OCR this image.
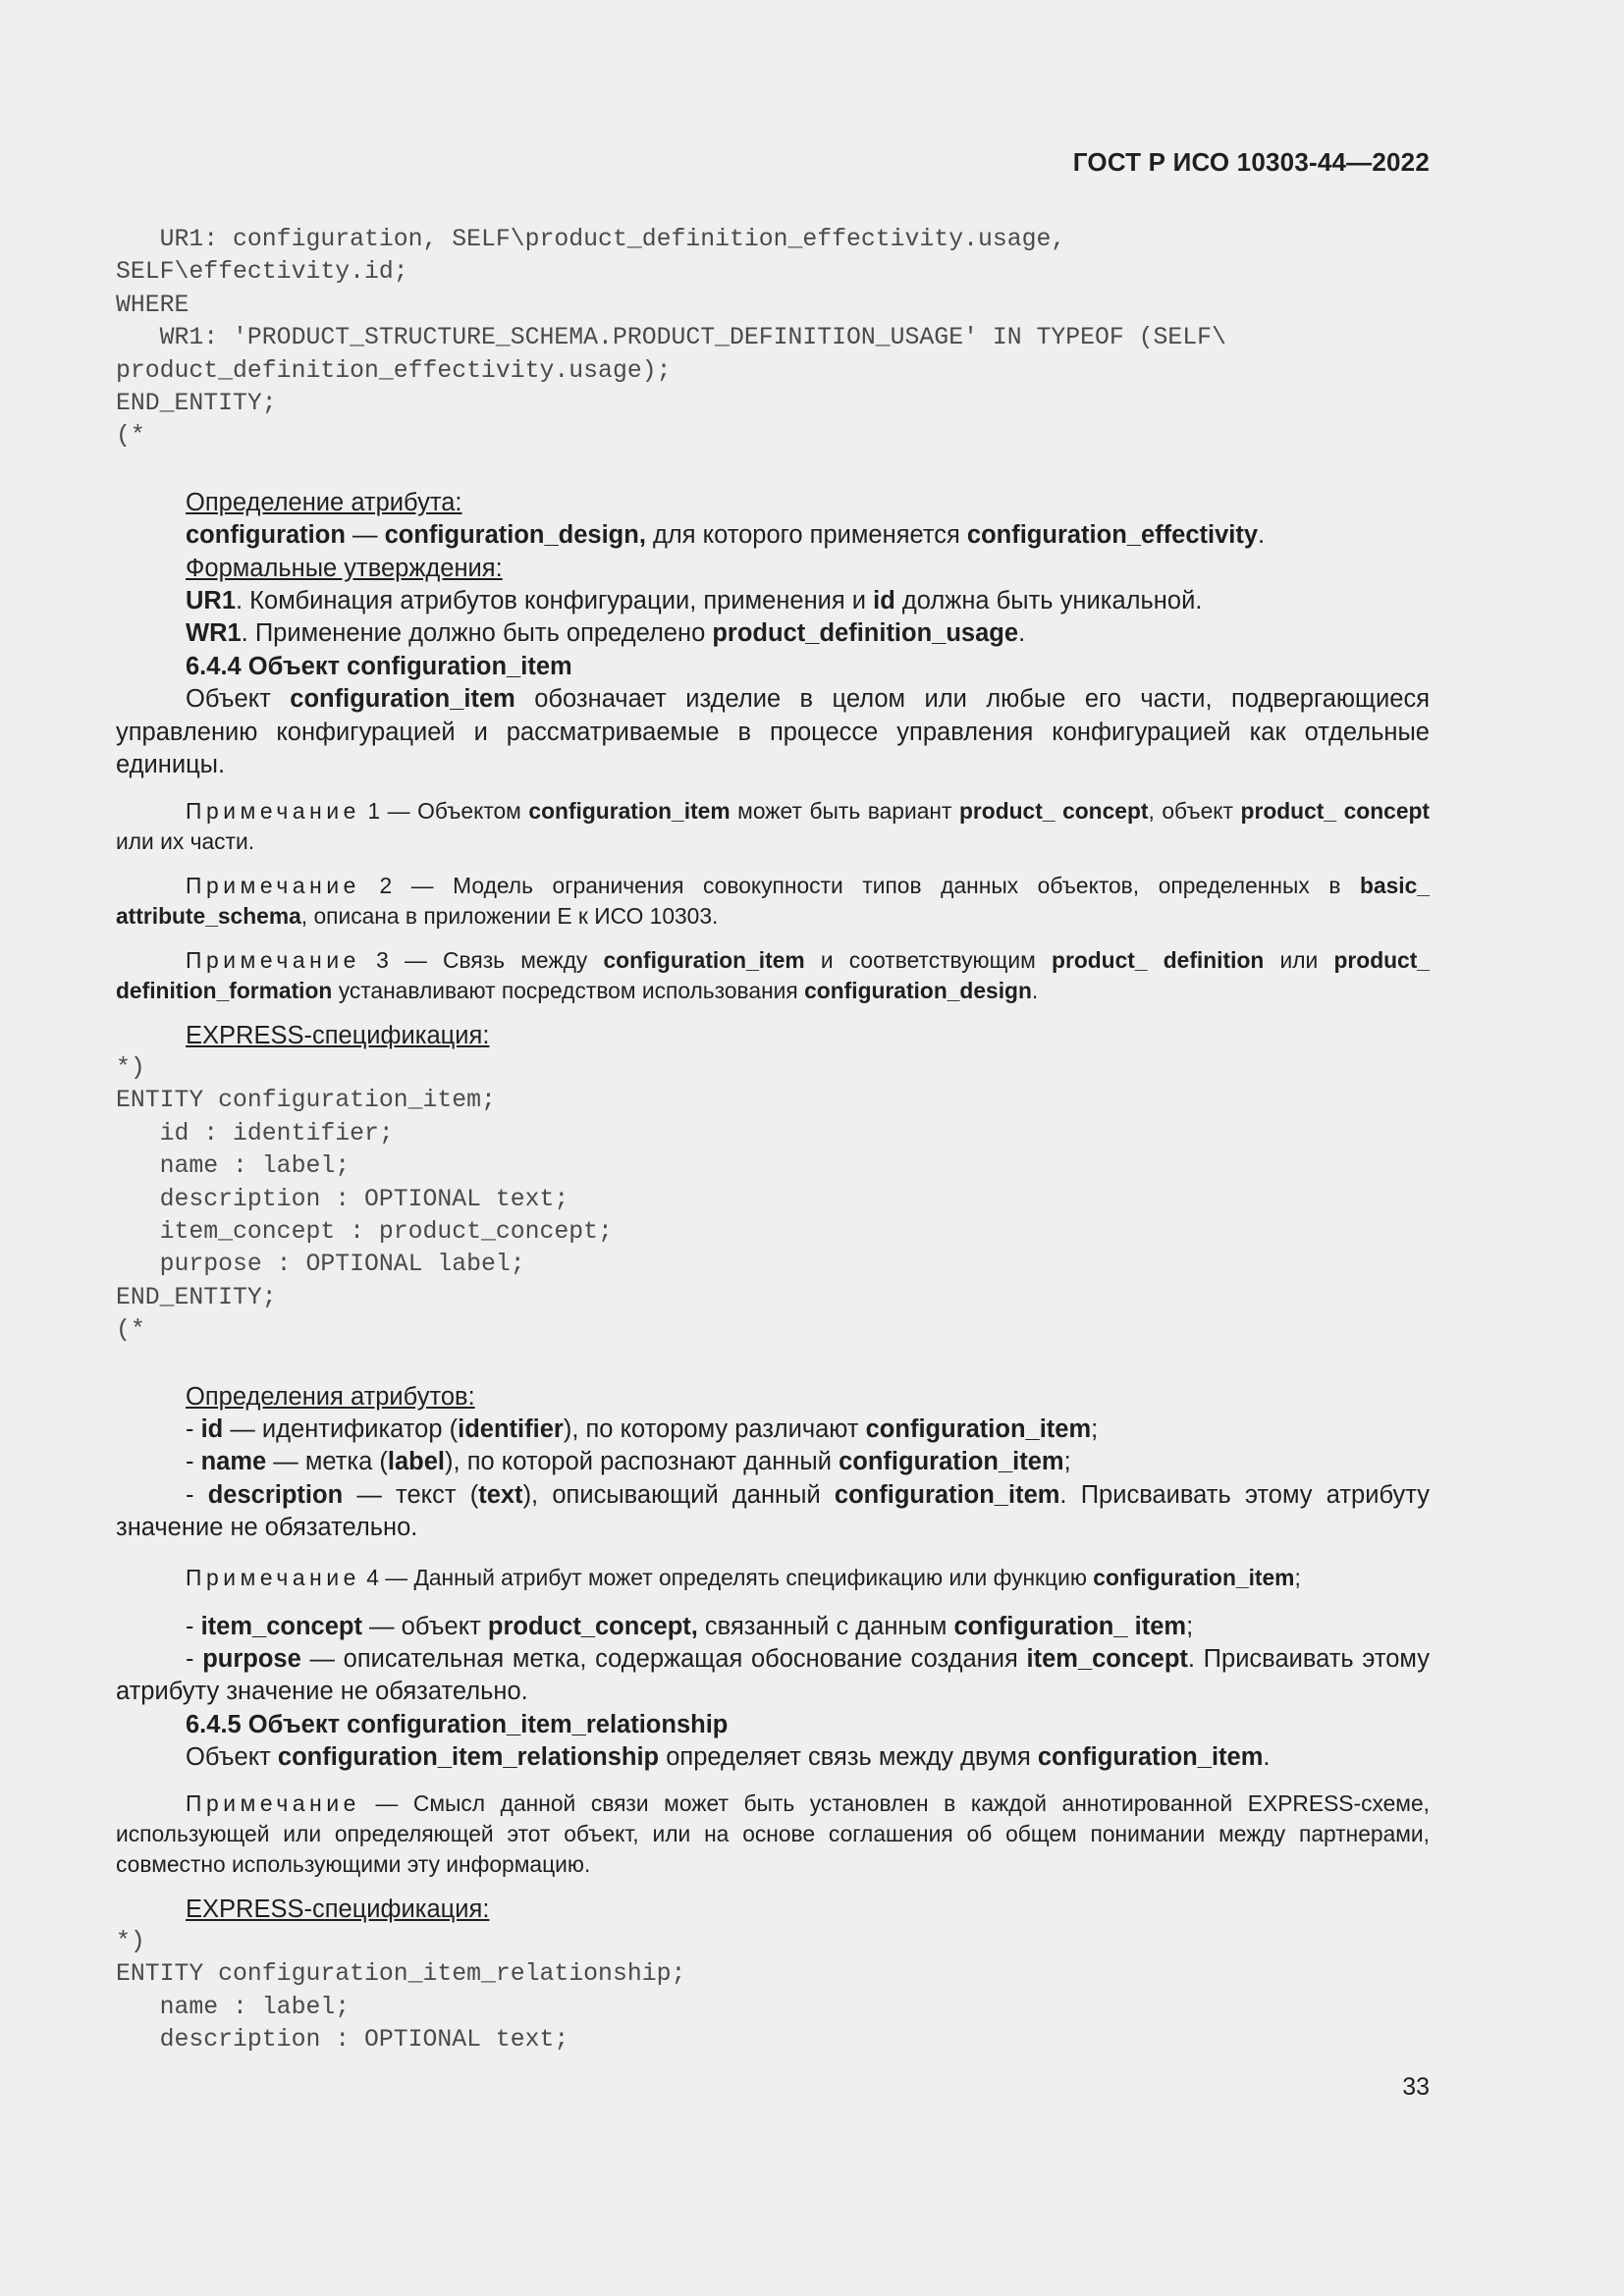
ГОСТ Р ИСО 10303-44—2022
UR1: configuration, SELF\product_definition_effectivity.usage,
SELF\effectivity.id;
WHERE
WR1: 'PRODUCT_STRUCTURE_SCHEMA.PRODUCT_DEFINITION_USAGE' IN TYPEOF (SELF\
product_definition_effectivity.usage);
END_ENTITY;
(*

Определение атрибута:

configuration — configuration_design, для которого применяется configuration_effectivity.

Формальные утверждения:

UR1. Комбинация атрибутов конфигурации, применения и id должна быть уникальной.

WR1. Применение должно быть определено product_definition_usage.

6.4.4 Объект configuration_item

Объект configuration_item обозначает изделие в целом или любые его части, подвергающиеся управлению конфигурацией и рассматриваемые в процессе управления конфигурацией как отдельные единицы.

Примечание 1 — Объектом configuration_item может быть вариант product_ concept, объект product_ concept или их части.

Примечание 2 — Модель ограничения совокупности типов данных объектов, определенных в basic_ attribute_schema, описана в приложении Е к ИСО 10303.

Примечание 3 — Связь между configuration_item и соответствующим product_ definition или product_ definition_formation устанавливают посредством использования configuration_design.

EXPRESS-спецификация:

*)
ENTITY configuration_item;
id : identifier;
name : label;
description : OPTIONAL text;
item_concept : product_concept;
purpose : OPTIONAL label;
END_ENTITY;
(*

Определения атрибутов:

- id — идентификатор (identifier), по которому различают configuration_item;

- name — метка (label), по которой распознают данный configuration_item;

- description — текст (text), описывающий данный configuration_item. Присваивать этому атрибуту значение не обязательно.

Примечание 4 — Данный атрибут может определять спецификацию или функцию configuration_item;

- item_concept — объект product_concept, связанный с данным configuration_ item;

- purpose — описательная метка, содержащая обоснование создания item_concept. Присваивать этому атрибуту значение не обязательно.

6.4.5 Объект configuration_item_relationship

Объект configuration_item_relationship определяет связь между двумя configuration_item.

Примечание — Смысл данной связи может быть установлен в каждой аннотированной EXPRESS-схеме, использующей или определяющей этот объект, или на основе соглашения об общем понимании между партнерами, совместно использующими эту информацию.

EXPRESS-спецификация:

*)
ENTITY configuration_item_relationship;
name : label;
description : OPTIONAL text;
33
